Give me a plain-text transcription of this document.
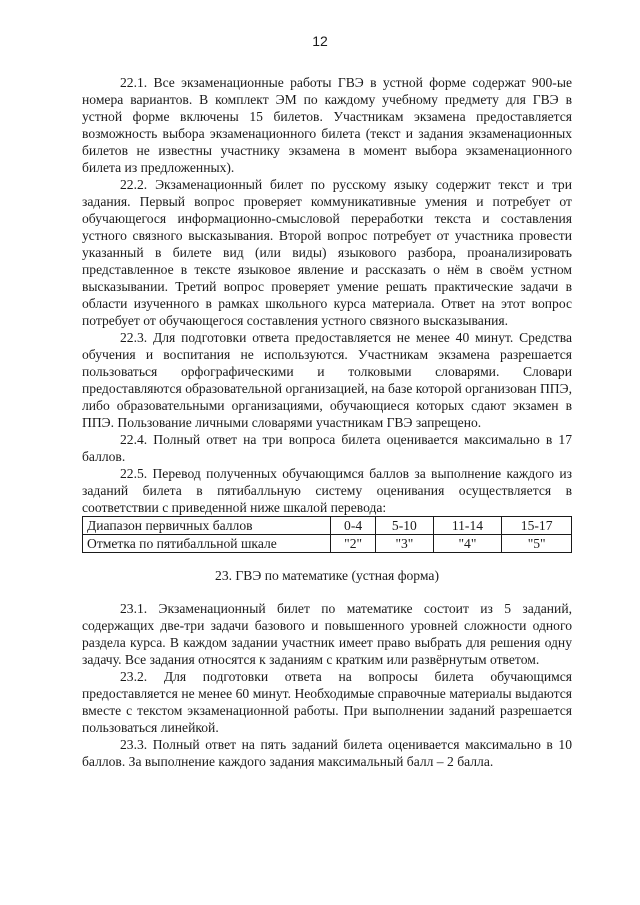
12

22.1. Все экзаменационные работы ГВЭ в устной форме содержат 900-ые номера вариантов. В комплект ЭМ по каждому учебному предмету для ГВЭ в устной форме включены 15 билетов. Участникам экзамена предоставляется возможность выбора экзаменационного билета (текст и задания экзаменационных билетов не известны участнику экзамена в момент выбора экзаменационного билета из предложенных).

22.2. Экзаменационный билет по русскому языку содержит текст и три задания. Первый вопрос проверяет коммуникативные умения и потребует от обучающегося информационно-смысловой переработки текста и составления устного связного высказывания. Второй вопрос потребует от участника провести указанный в билете вид (или виды) языкового разбора, проанализировать представленное в тексте языковое явление и рассказать о нём в своём устном высказывании. Третий вопрос проверяет умение решать практические задачи в области изученного в рамках школьного курса материала. Ответ на этот вопрос потребует от обучающегося составления устного связного высказывания.

22.3. Для подготовки ответа предоставляется не менее 40 минут. Средства обучения и воспитания не используются. Участникам экзамена разрешается пользоваться орфографическими и толковыми словарями. Словари предоставляются образовательной организацией, на базе которой организован ППЭ, либо образовательными организациями, обучающиеся которых сдают экзамен в ППЭ. Пользование личными словарями участникам ГВЭ запрещено.

22.4. Полный ответ на три вопроса билета оценивается максимально в 17 баллов.

22.5. Перевод полученных обучающимся баллов за выполнение каждого из заданий билета в пятибалльную систему оценивания осуществляется в соответствии с приведенной ниже шкалой перевода:

Диапазон первичных баллов	0-4	5-10	11-14	15-17
Отметка по пятибалльной шкале	"2"	"3"	"4"	"5"
23. ГВЭ по математике (устная форма)

23.1. Экзаменационный билет по математике состоит из 5 заданий, содержащих две-три задачи базового и повышенного уровней сложности одного раздела курса. В каждом задании участник имеет право выбрать для решения одну задачу. Все задания относятся к заданиям с кратким или развёрнутым ответом.

23.2. Для подготовки ответа на вопросы билета обучающимся предоставляется не менее 60 минут. Необходимые справочные материалы выдаются вместе с текстом экзаменационной работы. При выполнении заданий разрешается пользоваться линейкой.

23.3. Полный ответ на пять заданий билета оценивается максимально в 10 баллов. За выполнение каждого задания максимальный балл – 2 балла.
